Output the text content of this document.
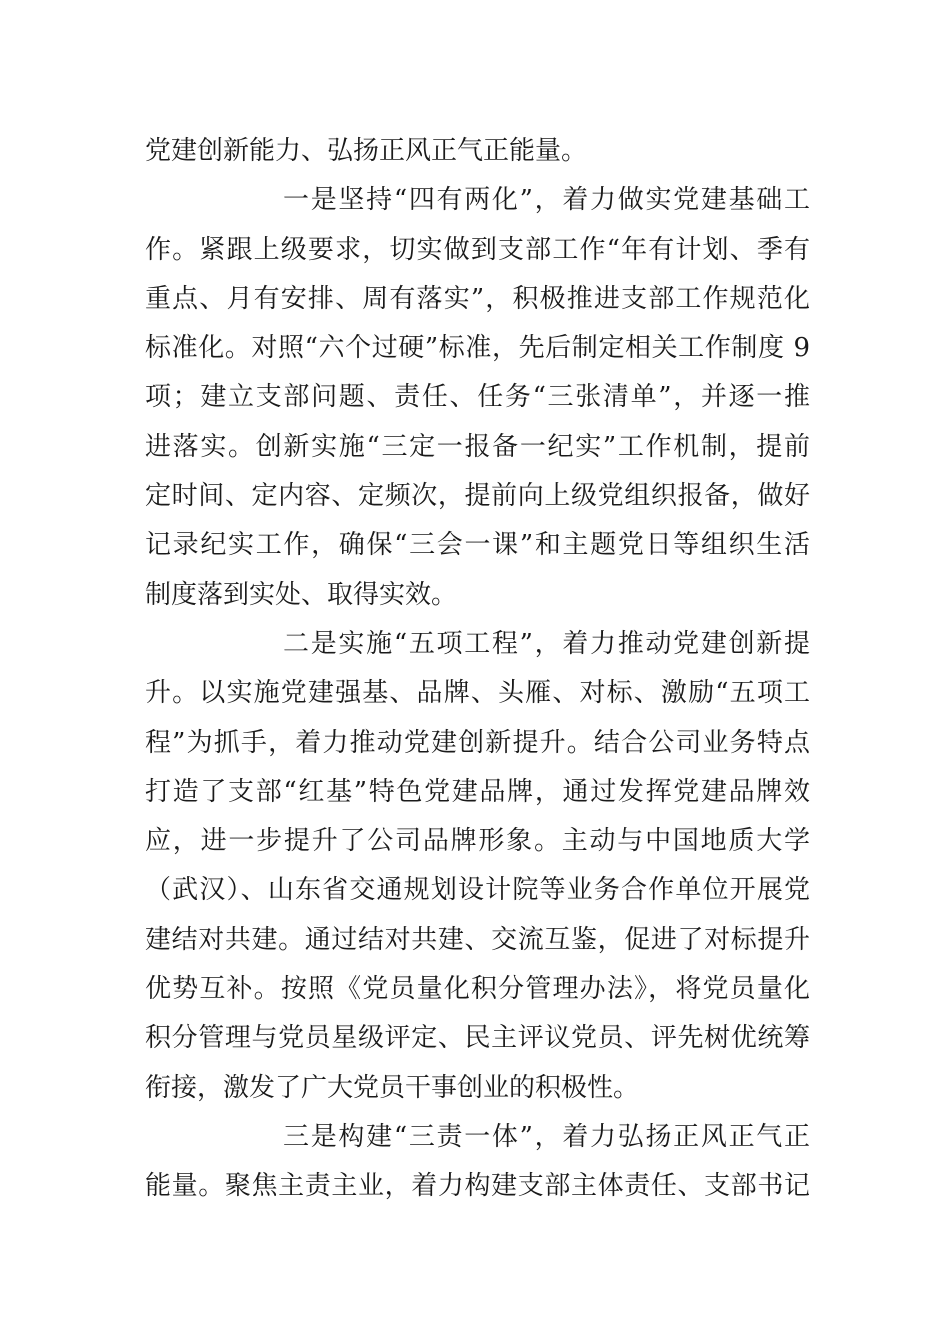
党建创新能力、弘扬正风正气正能量。
一是坚持“四有两化”，着力做实党建基础工
作。紧跟上级要求，切实做到支部工作“年有计划、季有
重点、月有安排、周有落实”，积极推进支部工作规范化
标准化。对照“六个过硬”标准，先后制定相关工作制度 9
项；建立支部问题、责任、任务“三张清单”，并逐一推
进落实。创新实施“三定一报备一纪实”工作机制，提前
定时间、定内容、定频次，提前向上级党组织报备，做好
记录纪实工作，确保“三会一课”和主题党日等组织生活
制度落到实处、取得实效。
二是实施“五项工程”，着力推动党建创新提
升。以实施党建强基、品牌、头雁、对标、激励“五项工
程”为抓手，着力推动党建创新提升。结合公司业务特点
打造了支部“红基”特色党建品牌，通过发挥党建品牌效
应，进一步提升了公司品牌形象。主动与中国地质大学
（武汉）、山东省交通规划设计院等业务合作单位开展党
建结对共建。通过结对共建、交流互鉴，促进了对标提升
优势互补。按照《党员量化积分管理办法》，将党员量化
积分管理与党员星级评定、民主评议党员、评先树优统筹
衔接，激发了广大党员干事创业的积极性。
三是构建“三责一体”，着力弘扬正风正气正
能量。聚焦主责主业，着力构建支部主体责任、支部书记
